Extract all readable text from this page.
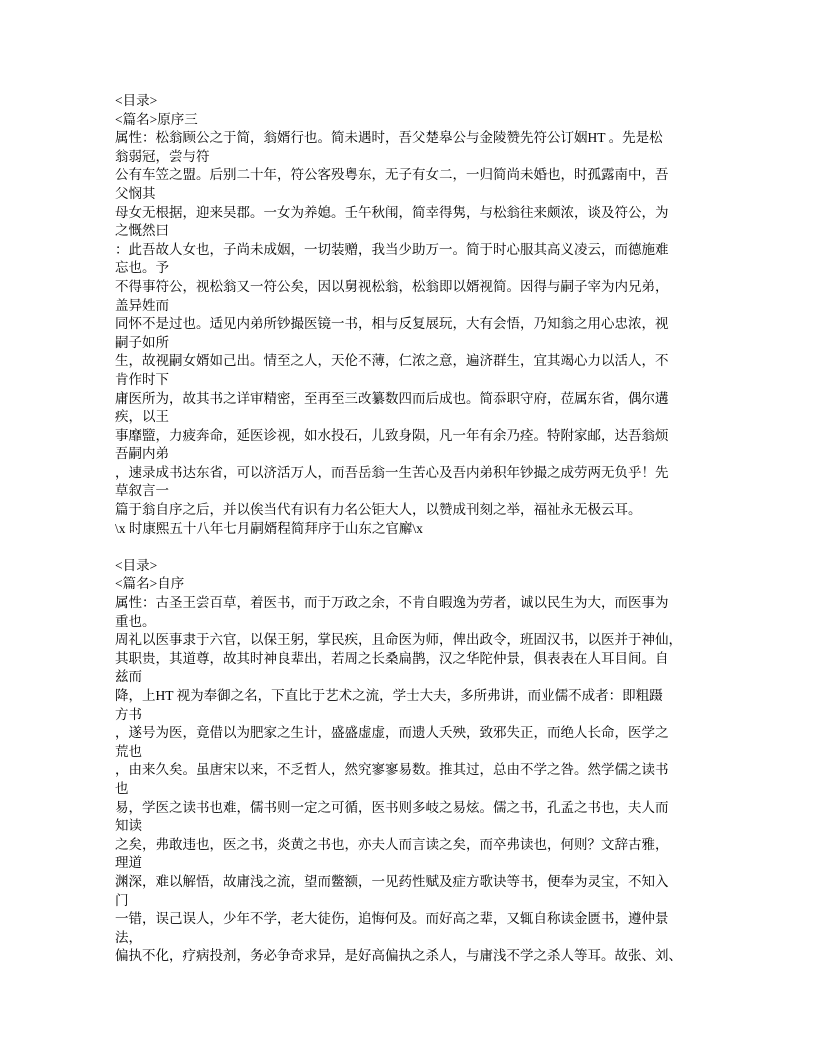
<目录>
<篇名>原序三
属性：松翁顾公之于简，翁婿行也。简未遇时，吾父楚皋公与金陵赞先符公订姻HT 。先是松
翁弱冠，尝与符
公有车笠之盟。后别二十年，符公客殁粤东，无子有女二，一归简尚未婚也，时孤露南中，吾
父悯其
母女无根据，迎来吴郡。一女为养媳。壬午秋闱，简幸得隽，与松翁往来颇浓，谈及符公，为
之慨然曰
：此吾故人女也，子尚未成姻，一切装赠，我当少助万一。简于时心服其高义凌云，而德施难
忘也。予
不得事符公，视松翁又一符公矣，因以舅视松翁，松翁即以婿视简。因得与嗣子宰为内兄弟，
盖异姓而
同怀不是过也。适见内弟所钞撮医镜一书，相与反复展玩，大有会悟，乃知翁之用心忠浓，视
嗣子如所
生，故视嗣女婿如己出。情至之人，天伦不薄，仁浓之意，遍济群生，宜其竭心力以活人，不
肯作时下
庸医所为，故其书之详审精密，至再至三改纂数四而后成也。简忝职守府，莅属东省，偶尔遘
疾，以王
事靡盬，力疲奔命，延医诊视，如水投石，儿致身陨，凡一年有余乃痊。特附家邮，达吾翁烦
吾嗣内弟
，速录成书达东省，可以济活万人，而吾岳翁一生苦心及吾内弟积年钞撮之成劳两无负乎！先
草叙言一
篇于翁自序之后，并以俟当代有识有力名公钜大人，以赞成刊刻之举，福祉永无极云耳。
\x 时康熙五十八年七月嗣婿程简拜序于山东之官廨\x
<目录>
<篇名>自序
属性：古圣王尝百草，着医书，而于万政之余，不肯自暇逸为劳者，诚以民生为大，而医事为
重也。
周礼以医事隶于六官，以保王躬，掌民疾，且命医为师，俾出政令，班固汉书，以医并于神仙，
其职贵，其道尊，故其时神良辈出，若周之长桑扁鹊，汉之华陀仲景，俱表表在人耳目间。自
兹而
降，上HT 视为奉御之名，下直比于艺术之流，学士大夫，多所弗讲，而业儒不成者：即粗蹑
方书
，遂号为医，竟借以为肥家之生计，盛盛虚虚，而遗人夭殃，致邪失正，而绝人长命，医学之
荒也
，由来久矣。虽唐宋以来，不乏哲人，然究寥寥易数。推其过，总由不学之咎。然学儒之读书
也
易，学医之读书也难，儒书则一定之可循，医书则多岐之易炫。儒之书，孔孟之书也，夫人而
知读
之矣，弗敢违也，医之书，炎黄之书也，亦夫人而言读之矣，而卒弗读也，何则？文辞古雅，
理道
渊深，难以解悟，故庸浅之流，望而鳖额，一见药性赋及症方歌诀等书，便奉为灵宝，不知入
门
一错，误己误人，少年不学，老大徒伤，追悔何及。而好高之辈，又辄自称读金匮书，遵仲景
法，
偏执不化，疗病投剂，务必争奇求异，是好高偏执之杀人，与庸浅不学之杀人等耳。故张、刘、
